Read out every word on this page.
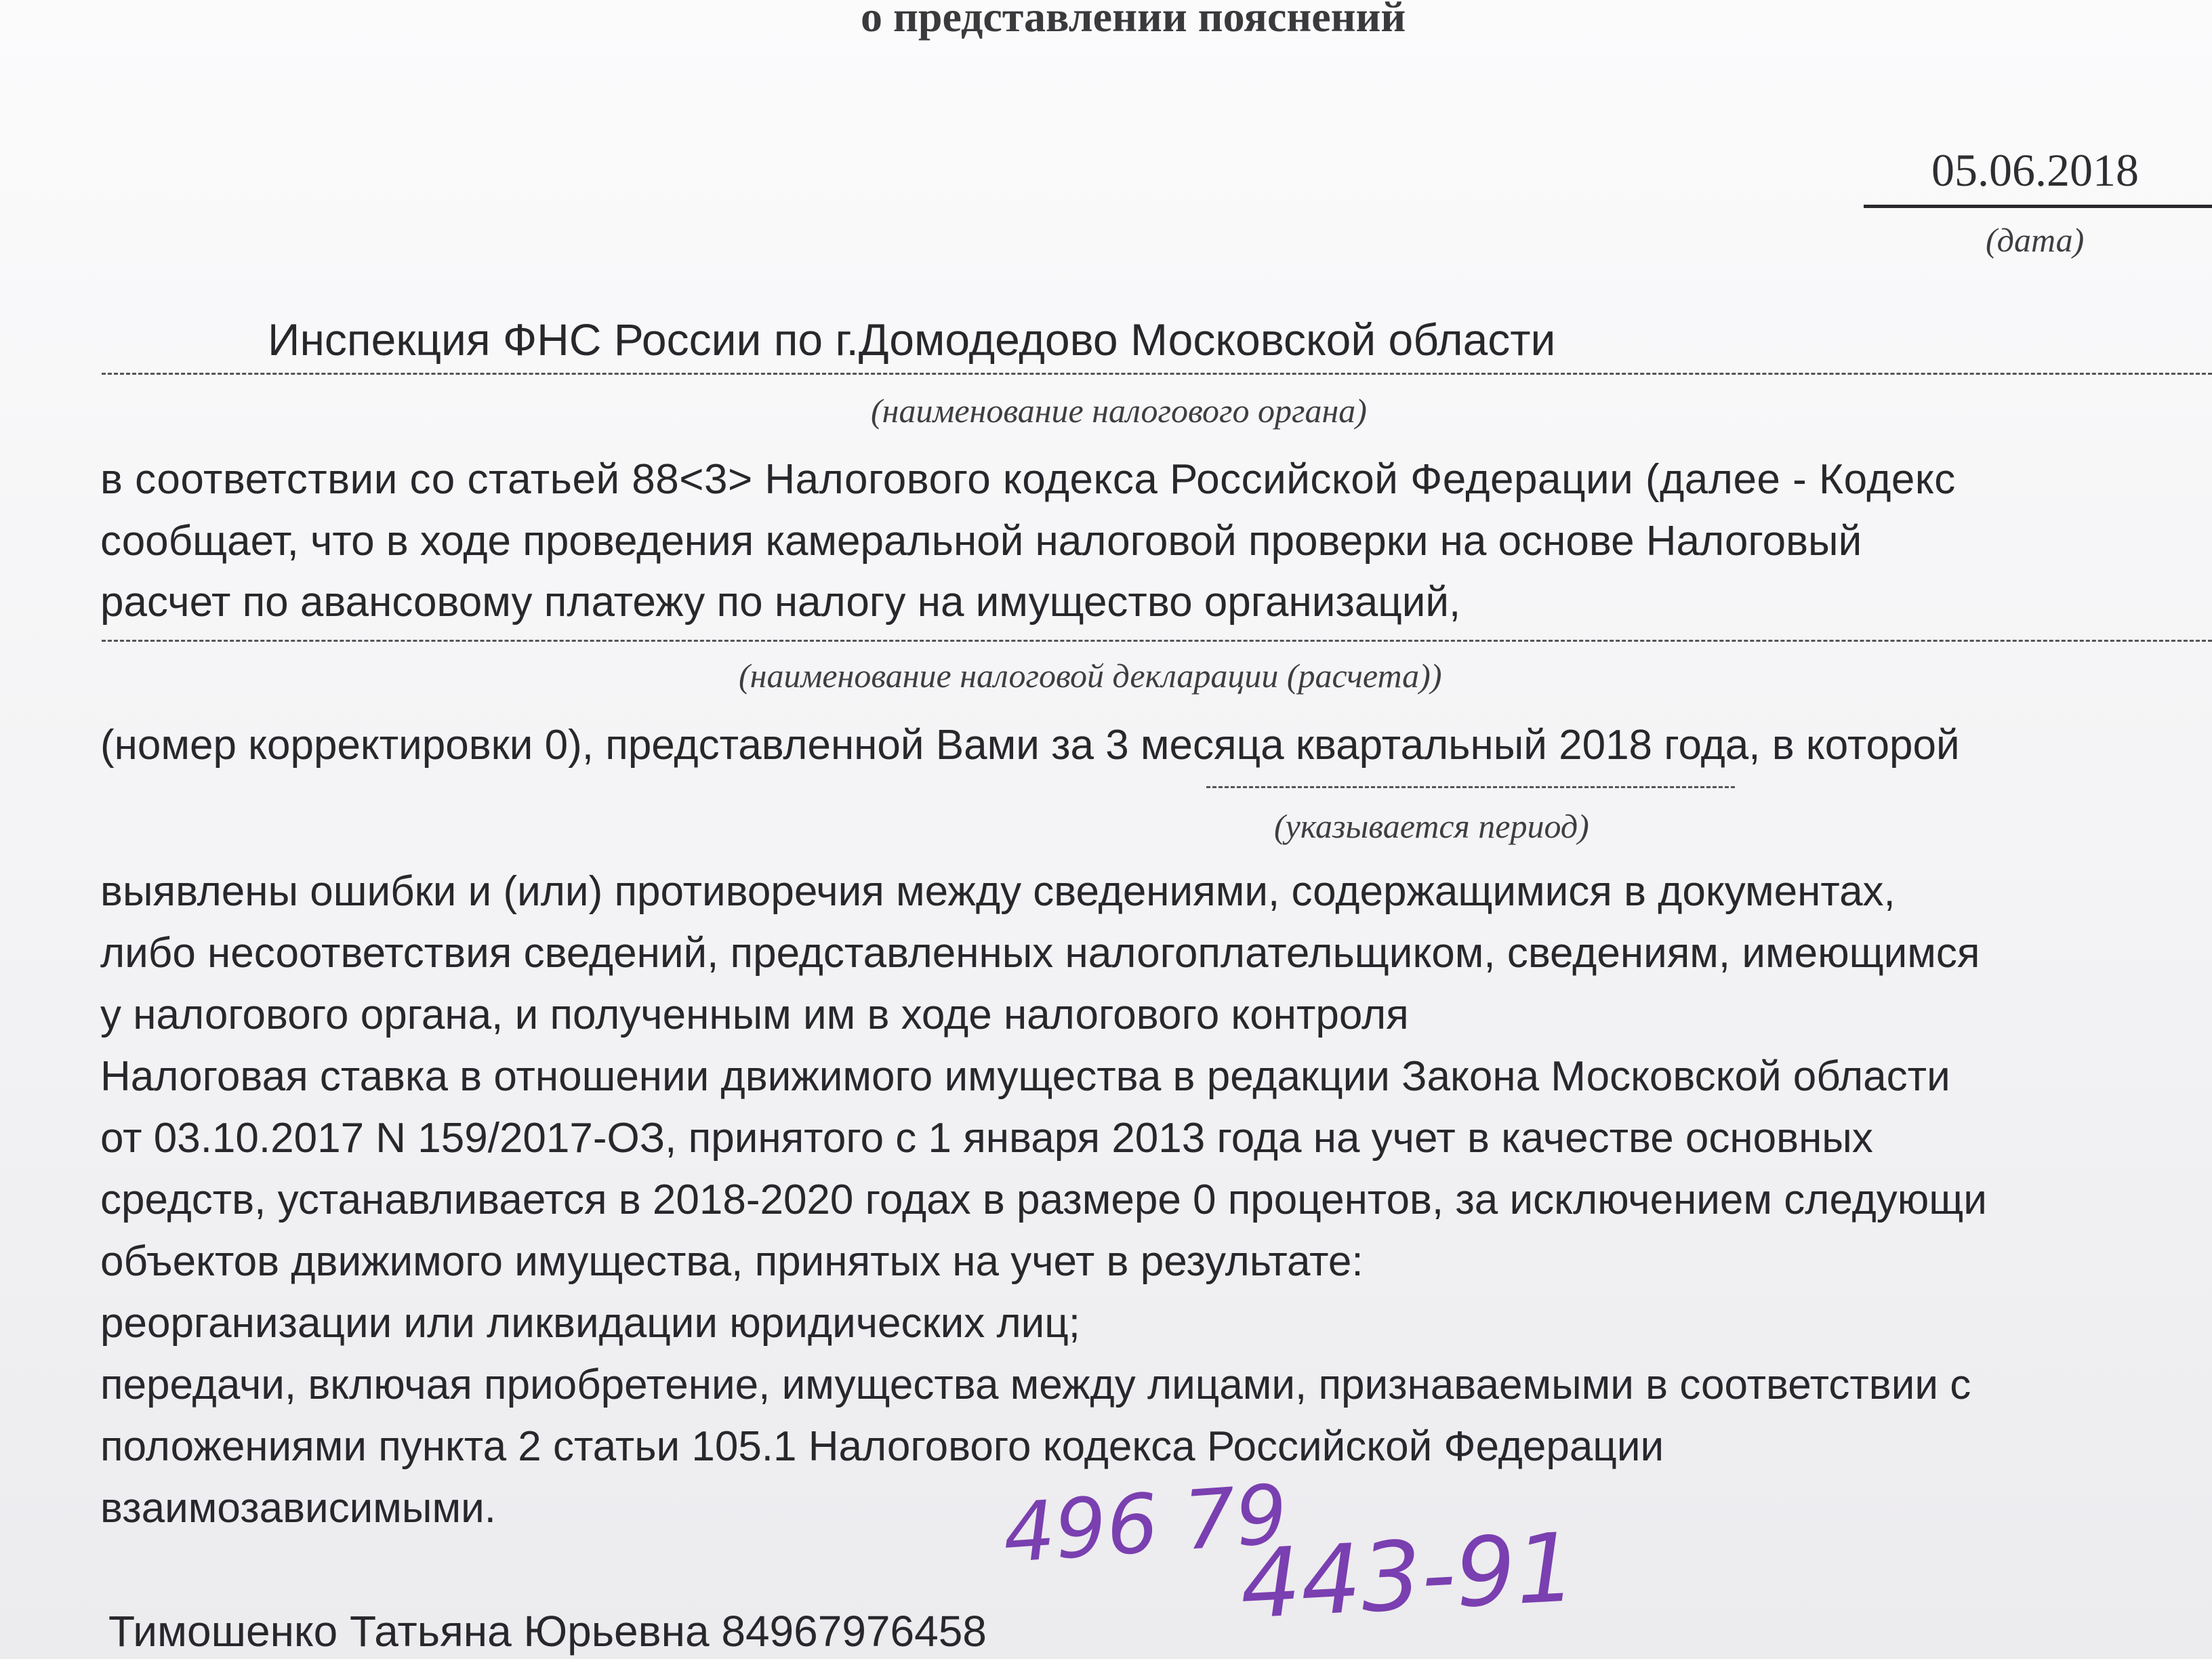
о представлении пояснений

05.06.2018

(дата)

Инспекция ФНС России по г.Домодедово Московской области

(наименование налогового органа)

в соответствии со статьей 88<3> Налогового кодекса Российской Федерации (далее - Кодекс

сообщает, что в ходе проведения камеральной налоговой проверки на основе Налоговый

расчет по авансовому платежу по налогу на имущество организаций,

(наименование налоговой декларации (расчета))

(номер корректировки 0), представленной Вами за 3 месяца квартальный 2018 года, в которой

(указывается период)

выявлены ошибки и (или) противоречия между сведениями, содержащимися в документах,

либо несоответствия сведений, представленных налогоплательщиком, сведениям, имеющимся

у налогового органа, и полученным им в ходе налогового контроля

Налоговая ставка в отношении движимого имущества в редакции Закона Московской области

от 03.10.2017 N 159/2017-ОЗ, принятого с 1 января 2013 года на учет в качестве основных

средств, устанавливается в 2018-2020 годах в размере 0 процентов, за исключением следующи

объектов движимого имущества, принятых на учет в результате:

реорганизации или ликвидации юридических лиц;

передачи, включая приобретение, имущества между лицами, признаваемыми в соответствии с

положениями пункта 2 статьи 105.1 Налогового кодекса Российской Федерации

взаимозависимыми.	496 79

443-91

Тимошенко Татьяна Юрьевна 84967976458
